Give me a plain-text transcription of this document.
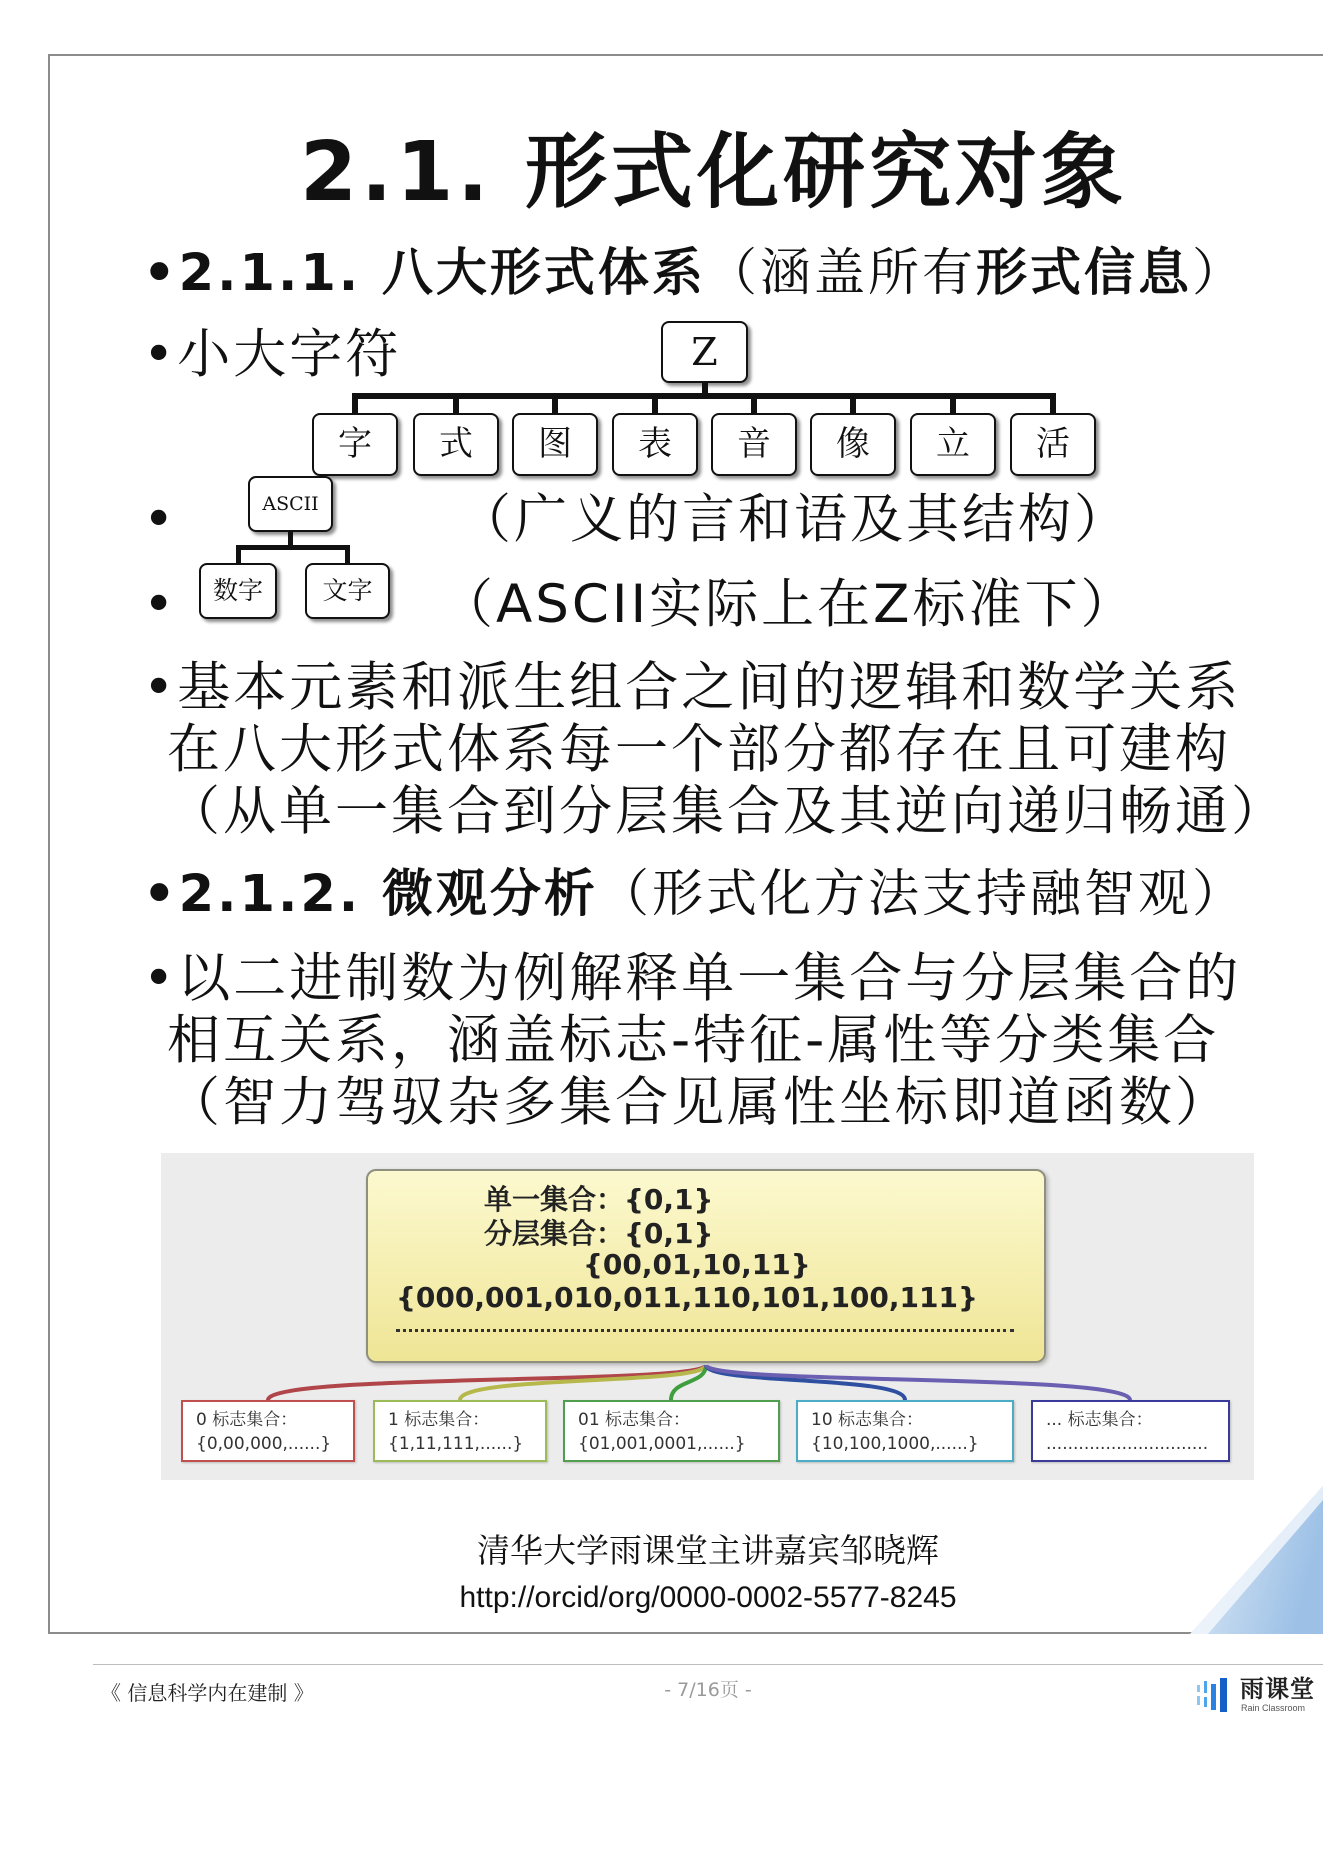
2.1. 形式化研究对象
•2.1.1. 八大形式体系（涵盖所有形式信息）
•小大字符	Z
字	式	图	表	音	像	立	活
ASCII
数字	文字
•	（广义的言和语及其结构）
•	（ASCII实际上在Z标准下）
•基本元素和派生组合之间的逻辑和数学关系
在八大形式体系每一个部分都存在且可建构
（从单一集合到分层集合及其逆向递归畅通）
•2.1.2. 微观分析（形式化方法支持融智观）
•以二进制数为例解释单一集合与分层集合的
相互关系，涵盖标志-特征-属性等分类集合
（智力驾驭杂多集合见属性坐标即道函数）
单一集合：{0,1}
分层集合：{0,1}
{00,01,10,11}
{000,001,010,011,110,101,100,111}
0 标志集合：
{0,00,000,......}
1 标志集合：
{1,11,111,......}
01 标志集合：
{01,001,0001,......}
10 标志集合：
{10,100,1000,......}
... 标志集合：
..............................
清华大学雨课堂主讲嘉宾邹晓辉
http://orcid/org/0000-0002-5577-8245
《 信息科学内在建制 》	- 7/16页 -	雨课堂
Rain Classroom
